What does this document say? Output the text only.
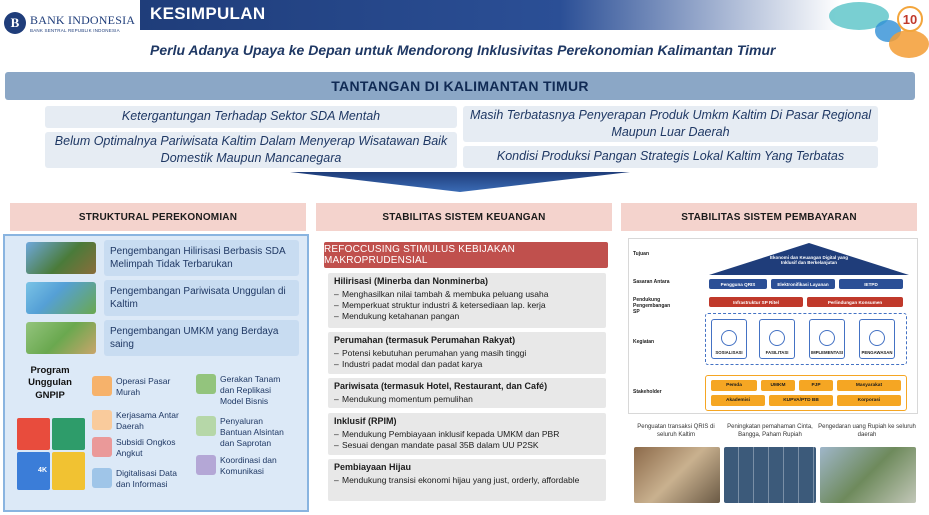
B BANK INDONESIA
BANK SENTRAL REPUBLIK INDONESIA
KESIMPULAN
Perlu Adanya Upaya ke Depan untuk Mendorong Inklusivitas Perekonomian Kalimantan Timur
10
TANTANGAN DI KALIMANTAN TIMUR
Ketergantungan Terhadap Sektor SDA Mentah
Belum Optimalnya Pariwisata Kaltim Dalam Menyerap Wisatawan Baik Domestik Maupun Mancanegara
Masih Terbatasnya Penyerapan Produk Umkm Kaltim Di Pasar Regional Maupun Luar Daerah
Kondisi Produksi Pangan Strategis Lokal Kaltim Yang Terbatas
STRUKTURAL PEREKONOMIAN	STABILITAS SISTEM KEUANGAN	STABILITAS SISTEM PEMBAYARAN
Pengembangan Hilirisasi Berbasis SDA Melimpah Tidak Terbarukan
Pengembangan Pariwisata Unggulan di Kaltim
Pengembangan UMKM yang Berdaya saing
Program Unggulan GNPIP
4K
Operasi Pasar Murah
Gerakan Tanam dan Replikasi Model Bisnis
Kerjasama Antar Daerah
Subsidi Ongkos Angkut
Penyaluran Bantuan Alsintan dan Saprotan
Digitalisasi Data dan Informasi
Koordinasi dan Komunikasi
REFOCCUSING STIMULUS KEBIJAKAN MAKROPRUDENSIAL
Hilirisasi (Minerba dan Nonminerba)
– Menghasilkan nilai tambah & membuka peluang usaha
– Memperkuat struktur industri & ketersediaan lap. kerja
– Mendukung ketahanan pangan
Perumahan (termasuk Perumahan Rakyat)
– Potensi kebutuhan perumahan yang masih tinggi
– Industri padat modal dan padat karya
Pariwisata (termasuk Hotel, Restaurant, dan Café)
– Mendukung momentum pemulihan
Inklusif (RPIM)
– Mendukung Pembiayaan inklusif kepada UMKM dan PBR
– Sesuai dengan mandate pasal 35B dalam UU P2SK
Pembiayaan Hijau
– Mendukung transisi ekonomi hijau yang just, orderly, affordable
Tujuan
Sasaran Antara
Pendukung Pengembangan SP
Kegiatan
Stakeholder
Ekonomi dan Keuangan Digital yang Inklusif dan Berkelanjutan
Pengguna QRIS	Elektronifikasi Layanan	IETPD
Infrastruktur SP Ritel	Perlindungan Konsumen
SOSIALISASI	FASILITASI	IMPLEMENTASI	PENGAWASAN
Pemda	UMKM	PJP	Masyarakat
Akademisi	KUPVA/PTD BB	Korporasi
Penguatan transaksi QRIS di seluruh Kaltim
Peningkatan pemahaman Cinta, Bangga, Paham Rupiah
Pengedaran uang Rupiah ke seluruh daerah
